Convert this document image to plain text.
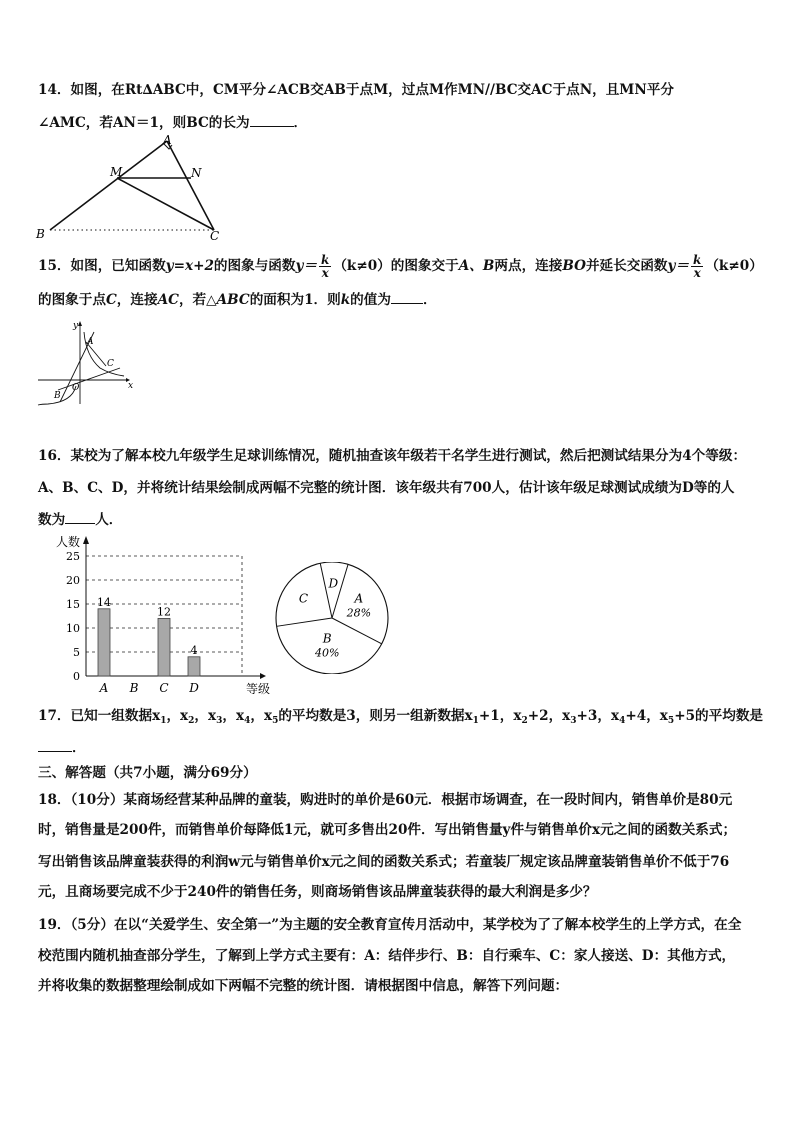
14．如图，在Rt∆ABC中，CM平分∠ACB交AB于点M，过点M作MN//BC交AC于点N，且MN平分
∠AMC，若AN＝1，则BC的长为	．
A
M	N
B	C
15．如图，已知函数y=x+2的图象与函数$y= \frac{k}{x} (k\ne 0)$的图象交于A、B两点，连接BO并延长交函数$y= \frac{k}{x} (k\ne 0)$
的图象于点C，连接AC，若△ABC的面积为1．则k的值为 ．
y
x
O
A
B
C
16．某校为了解本校九年级学生足球训练情况，随机抽查该年级若干名学生进行测试，然后把测试结果分为4个等级：
A、B、C、D，并将统计结果绘制成两幅不完整的统计图．该年级共有700人，估计该年级足球测试成绩为D等的人
数为 人．
0
5
10
15
20
25
人数
等级
A
14
B C
12
D
4
A
28%
B
40%
C
D
17．已知一组数据$x_1$，$x_2$，$x_3$，$x_4$，$x_5$的平均数是3，则另一组新数据$x_1+1$，$x_2+2$，$x_3+3$，$x_4+4$，$x_5+5$的平均数是
．
三、解答题（共7小题，满分69分）
18．（10分）某商场经营某种品牌的童装，购进时的单价是60元．根据市场调查，在一段时间内，销售单价是80元
时，销售量是200件，而销售单价每降低1元，就可多售出20件．写出销售量y件与销售单价x元之间的函数关系式；
写出销售该品牌童装获得的利润w元与销售单价x元之间的函数关系式；若童装厂规定该品牌童装销售单价不低于76
元，且商场要完成不少于240件的销售任务，则商场销售该品牌童装获得的最大利润是多少？
19．（5分）在以“关爱学生、安全第一”为主题的安全教育宣传月活动中，某学校为了了解本校学生的上学方式，在全
校范围内随机抽查部分学生，了解到上学方式主要有：A：结伴步行、B：自行乘车、C：家人接送、D：其他方式，
并将收集的数据整理绘制成如下两幅不完整的统计图．请根据图中信息，解答下列问题：
